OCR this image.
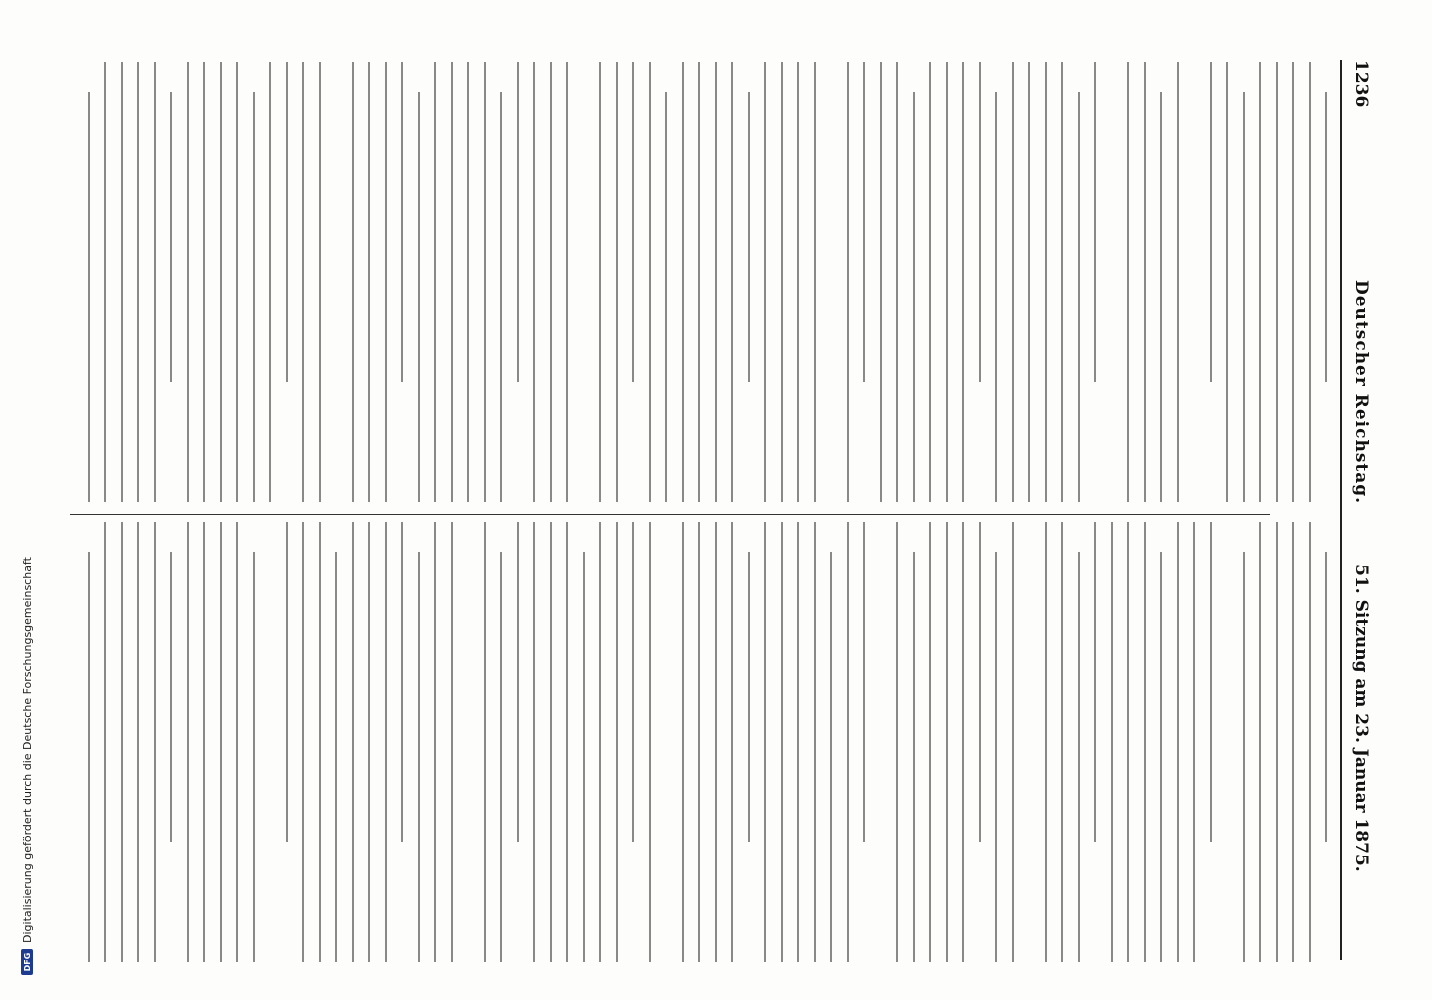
1236
Deutscher Reichstag.
51. Sitzung am 23. Januar 1875.
DFG
Digitalisierung gefördert durch die Deutsche Forschungsgemeinschaft
